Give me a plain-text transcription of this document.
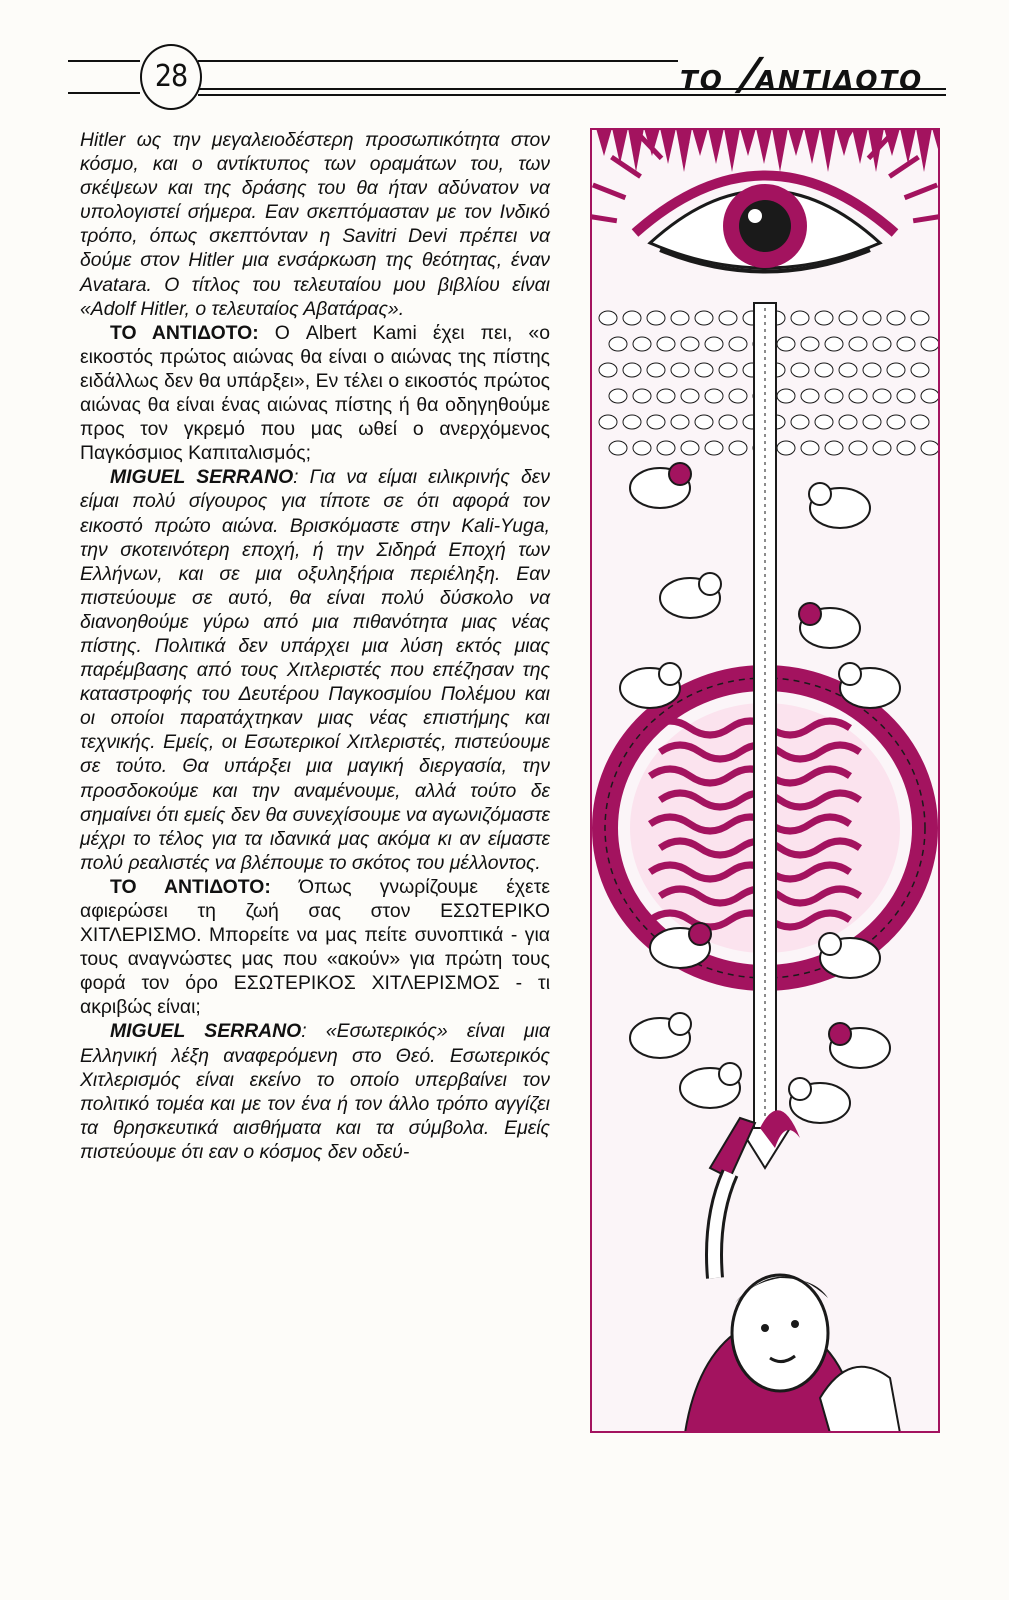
28	ΤΟ /
ΑΝΤΙΔΟΤΟ

Hitler ως την μεγαλειοδέστερη προσωπικότητα στον κόσμο, και ο αντίκτυπος των οραμάτων του, των σκέψεων και της δράσης του θα ήταν αδύνατον να υπολογιστεί σήμερα. Εαν σκεπτόμασταν με τον Ινδικό τρόπο, όπως σκεπτόνταν η Savitri Devi πρέπει να δούμε στον Hitler μια ενσάρκωση της θεότητας, έναν Avatara. Ο τίτλος του τελευταίου μου βιβλίου είναι «Adolf Hitler, ο τελευταίος Αβατάρας».

ΤΟ ΑΝΤΙΔΟΤΟ: Ο Albert Kami έχει πει, «ο εικοστός πρώτος αιώνας θα είναι ο αιώνας της πίστης ειδάλλως δεν θα υπάρξει», Εν τέλει ο εικοστός πρώτος αιώνας θα είναι ένας αιώνας πίστης ή θα οδηγηθούμε προς τον γκρεμό που μας ωθεί ο ανερχόμενος Παγκόσμιος Καπιταλισμός;

MIGUEL SERRANO: Για να είμαι ειλικρινής δεν είμαι πολύ σίγουρος για τίποτε σε ότι αφορά τον εικοστό πρώτο αιώνα. Βρισκόμαστε στην Kali-Yuga, την σκοτεινότερη εποχή, ή την Σιδηρά Εποχή των Ελλήνων, και σε μια οξυληξήρια περιέληξη. Εαν πιστεύουμε σε αυτό, θα είναι πολύ δύσκολο να διανοηθούμε γύρω από μια πιθανότητα μιας νέας πίστης. Πολιτικά δεν υπάρχει μια λύση εκτός μιας παρέμβασης από τους Χιτλεριστές που επέζησαν της καταστροφής του Δευτέρου Παγκοσμίου Πολέμου και οι οποίοι παρατάχτηκαν μιας νέας επιστήμης και τεχνικής. Εμείς, οι Εσωτερικοί Χιτλεριστές, πιστεύουμε σε τούτο. Θα υπάρξει μια μαγική διεργασία, την προσδοκούμε και την αναμένουμε, αλλά τούτο δε σημαίνει ότι εμείς δεν θα συνεχίσουμε να αγωνιζόμαστε μέχρι το τέλος για τα ιδανικά μας ακόμα κι αν είμαστε πολύ ρεαλιστές να βλέπουμε το σκότος του μέλλοντος.

ΤΟ ΑΝΤΙΔΟΤΟ: Όπως γνωρίζουμε έχετε αφιερώσει τη ζωή σας στον ΕΣΩΤΕΡΙΚΟ ΧΙΤΛΕΡΙΣΜΟ. Μπορείτε να μας πείτε συνοπτικά - για τους αναγνώστες μας που «ακούν» για πρώτη τους φορά τον όρο ΕΣΩΤΕΡΙΚΟΣ ΧΙΤΛΕΡΙΣΜΟΣ - τι ακριβώς είναι;

MIGUEL SERRANO: «Εσωτερικός» είναι μια Ελληνική λέξη αναφερόμενη στο Θεό. Εσωτερικός Χιτλερισμός είναι εκείνο το οποίο υπερβαίνει τον πολιτικό τομέα και με τον ένα ή τον άλλο τρόπο αγγίζει τα θρησκευτικά αισθήματα και τα σύμβολα. Εμείς πιστεύουμε ότι εαν ο κόσμος δεν οδεύ-
